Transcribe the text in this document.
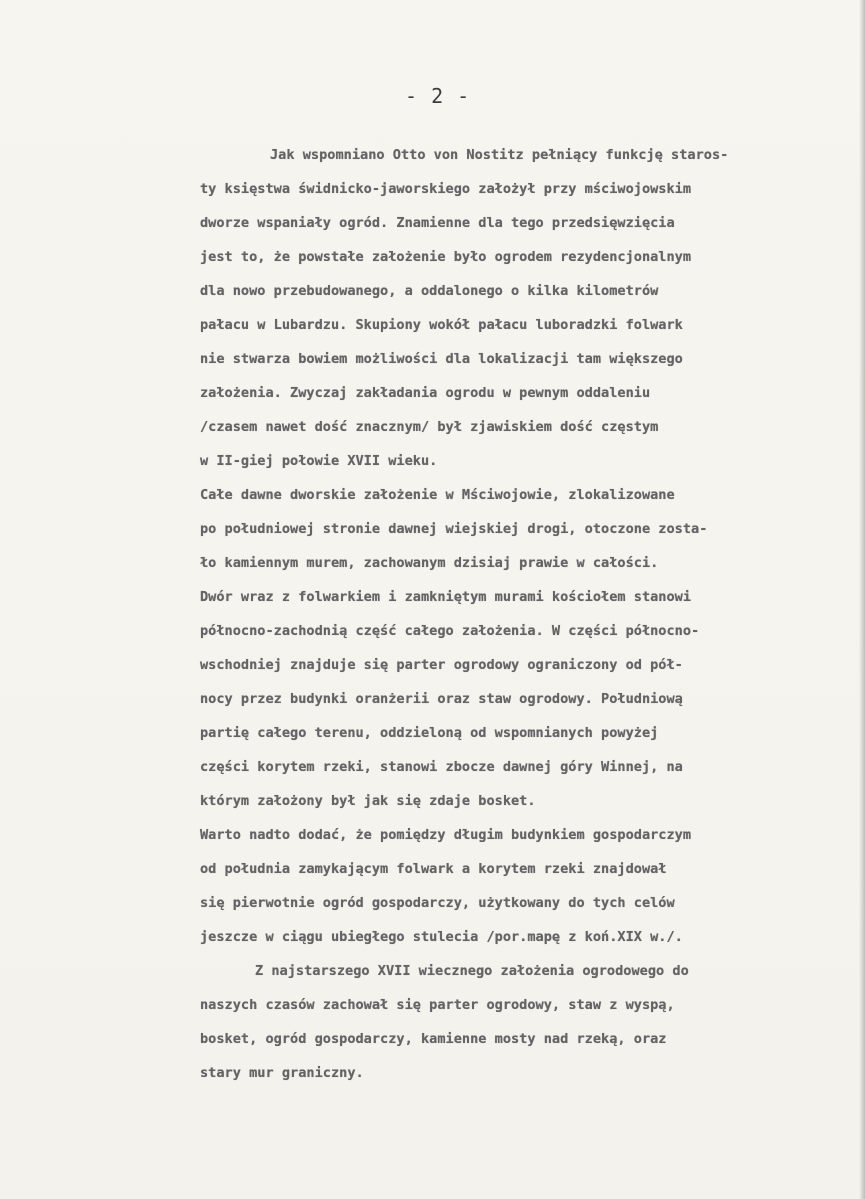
- 2 -
Jak wspomniano Otto von Nostitz pełniący funkcję staros-
ty księstwa świdnicko-jaworskiego założył przy mściwojowskim
dworze wspaniały ogród. Znamienne dla tego przedsięwzięcia
jest to, że powstałe założenie było ogrodem rezydencjonalnym
dla nowo przebudowanego, a oddalonego o kilka kilometrów
pałacu w Lubardzu. Skupiony wokół pałacu luboradzki folwark
nie stwarza bowiem możliwości dla lokalizacji tam większego
założenia. Zwyczaj zakładania ogrodu w pewnym oddaleniu
/czasem nawet dość znacznym/ był zjawiskiem dość częstym
w II-giej połowie XVII wieku.
Całe dawne dworskie założenie w Mściwojowie, zlokalizowane
po południowej stronie dawnej wiejskiej drogi, otoczone zosta-
ło kamiennym murem, zachowanym dzisiaj prawie w całości.
Dwór wraz z folwarkiem i zamkniętym murami kościołem stanowi
północno-zachodnią część całego założenia. W części północno-
wschodniej znajduje się parter ogrodowy ograniczony od pół-
nocy przez budynki oranżerii oraz staw ogrodowy. Południową
partię całego terenu, oddzieloną od wspomnianych powyżej
części korytem rzeki, stanowi zbocze dawnej góry Winnej, na
którym założony był jak się zdaje bosket.
Warto nadto dodać, że pomiędzy długim budynkiem gospodarczym
od południa zamykającym folwark a korytem rzeki znajdował
się pierwotnie ogród gospodarczy, użytkowany do tych celów
jeszcze w ciągu ubiegłego stulecia /por.mapę z koń.XIX w./.
Z najstarszego XVII wiecznego założenia ogrodowego do
naszych czasów zachował się parter ogrodowy, staw z wyspą,
bosket, ogród gospodarczy, kamienne mosty nad rzeką, oraz
stary mur graniczny.
